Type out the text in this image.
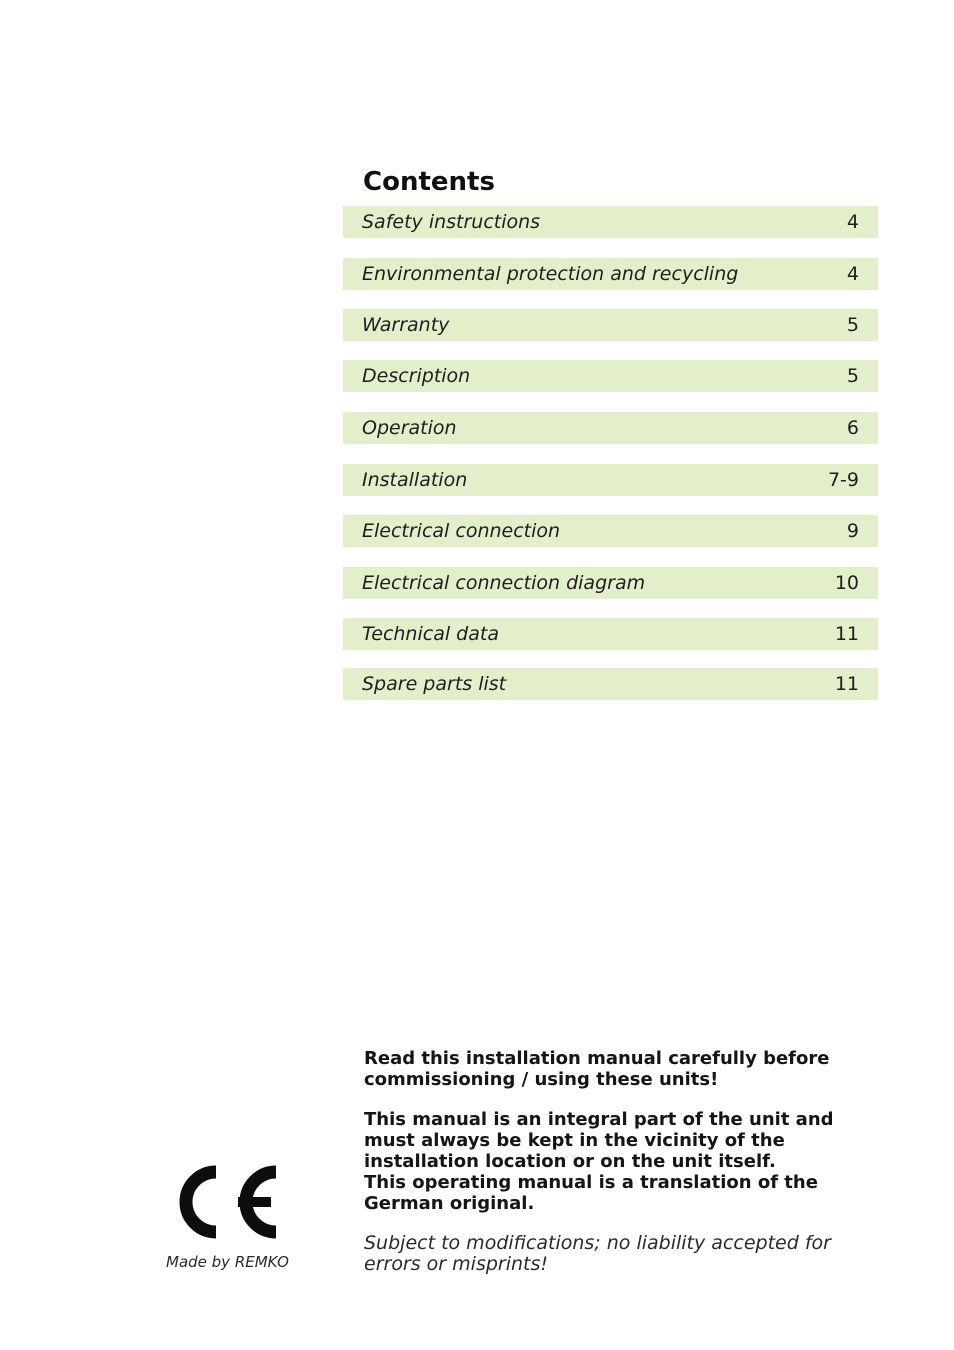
Contents
Safety instructions	4
Environmental protection and recycling	4
Warranty	5
Description	5
Operation	6
Installation	7-9
Electrical connection	9
Electrical connection diagram	10
Technical data	11
Spare parts list	11

Read this installation manual carefully before commissioning / using these units!

This manual is an integral part of the unit and must always be kept in the vicinity of the installation location or on the unit itself.

This operating manual is a translation of the German original.

Subject to modifications; no liability accepted for errors or misprints!

Made by REMKO
